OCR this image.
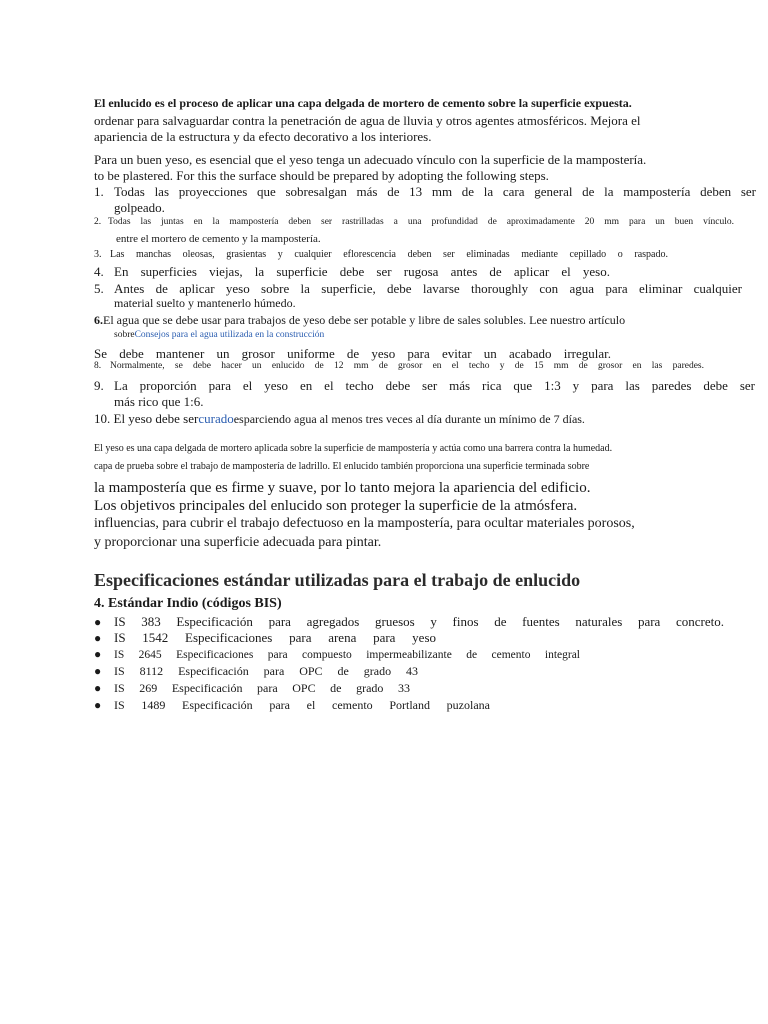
El enlucido es el proceso de aplicar una capa delgada de mortero de cemento sobre la superficie expuesta.
ordenar para salvaguardar contra la penetración de agua de lluvia y otros agentes atmosféricos. Mejora el
apariencia de la estructura y da efecto decorativo a los interiores.
Para un buen yeso, es esencial que el yeso tenga un adecuado vínculo con la superficie de la mampostería.
to be plastered. For this the surface should be prepared by adopting the following steps.
1. Todas las proyecciones que sobresalgan más de 13 mm de la cara general de la mampostería deben ser
golpeado.
2. Todas las juntas en la mampostería deben ser rastrilladas a una profundidad de aproximadamente 20 mm para un buen vínculo.
entre el mortero de cemento y la mampostería.
3. Las manchas oleosas, grasientas y cualquier eflorescencia deben ser eliminadas mediante cepillado o raspado.
4. En superficies viejas, la superficie debe ser rugosa antes de aplicar el yeso.
5. Antes de aplicar yeso sobre la superficie, debe lavarse thoroughly con agua para eliminar cualquier
material suelto y mantenerlo húmedo.
6.El agua que se debe usar para trabajos de yeso debe ser potable y libre de sales solubles. Lee nuestro artículo
sobreConsejos para el agua utilizada en la construcción
Se debe mantener un grosor uniforme de yeso para evitar un acabado irregular.
8. Normalmente, se debe hacer un enlucido de 12 mm de grosor en el techo y de 15 mm de grosor en las paredes.
9. La proporción para el yeso en el techo debe ser más rica que 1:3 y para las paredes debe ser
más rico que 1:6.
10. El yeso debe sercuradoesparciendo agua al menos tres veces al día durante un mínimo de 7 días.
El yeso es una capa delgada de mortero aplicada sobre la superficie de mampostería y actúa como una barrera contra la humedad.
capa de prueba sobre el trabajo de mampostería de ladrillo. El enlucido también proporciona una superficie terminada sobre
la mampostería que es firme y suave, por lo tanto mejora la apariencia del edificio.
Los objetivos principales del enlucido son proteger la superficie de la atmósfera.
influencias, para cubrir el trabajo defectuoso en la mampostería, para ocultar materiales porosos,
y proporcionar una superficie adecuada para pintar.
Especificaciones estándar utilizadas para el trabajo de enlucido
4. Estándar Indio (códigos BIS)
● IS 383 Especificación para agregados gruesos y finos de fuentes naturales para concreto.
● IS 1542 Especificaciones para arena para yeso
●	IS 2645 Especificaciones para compuesto impermeabilizante de cemento integral
●	IS 8112 Especificación para OPC de grado 43
●	IS 269 Especificación para OPC de grado 33
●	IS 1489 Especificación para el cemento Portland puzolana
